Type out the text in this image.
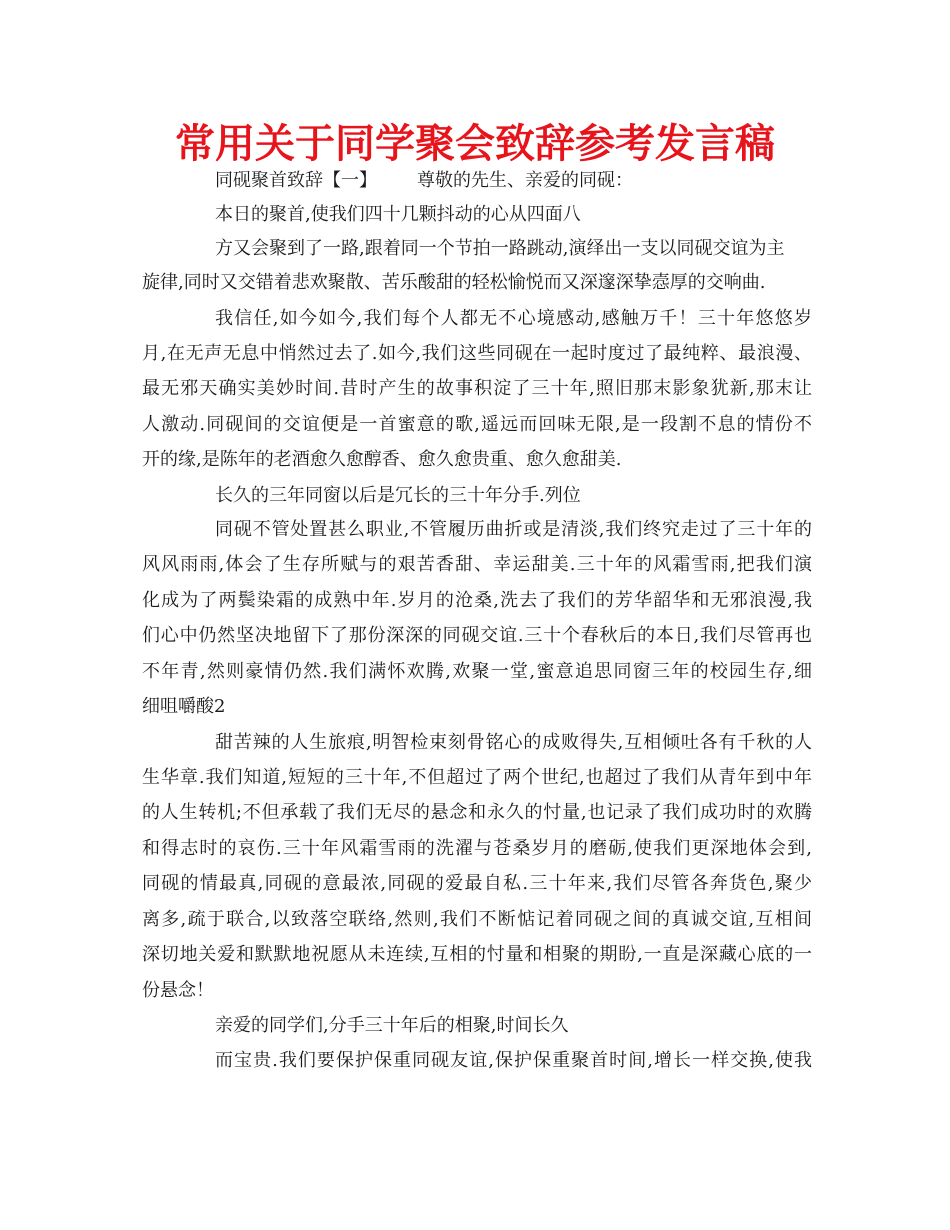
常用关于同学聚会致辞参考发言稿

同砚聚首致辞【一】 尊敬的先生、亲爱的同砚：

本日的聚首,使我们四十几颗抖动的心从四面八

方又会聚到了一路,跟着同一个节拍一路跳动,演绎出一支以同砚交谊为主

旋律,同时又交错着悲欢聚散、苦乐酸甜的轻松愉悦而又深邃深挚悫厚的交响曲.

我信任,如今如今,我们每个人都无不心境感动,感触万千！三十年悠悠岁

月,在无声无息中悄然过去了.如今,我们这些同砚在一起时度过了最纯粹、最浪漫、

最无邪天确实美妙时间.昔时产生的故事积淀了三十年,照旧那末影象犹新,那末让

人激动.同砚间的交谊便是一首蜜意的歌,遥远而回味无限,是一段割不息的情份不

开的缘,是陈年的老酒愈久愈醇香、愈久愈贵重、愈久愈甜美.

长久的三年同窗以后是冗长的三十年分手.列位

同砚不管处置甚么职业,不管履历曲折或是清淡,我们终究走过了三十年的

风风雨雨,体会了生存所赋与的艰苦香甜、幸运甜美.三十年的风霜雪雨,把我们演

化成为了两鬓染霜的成熟中年.岁月的沧桑,洗去了我们的芳华韶华和无邪浪漫,我

们心中仍然坚决地留下了那份深深的同砚交谊.三十个春秋后的本日,我们尽管再也

不年青,然则豪情仍然.我们满怀欢腾,欢聚一堂,蜜意追思同窗三年的校园生存,细

细咀嚼酸2

甜苦辣的人生旅痕,明智检束刻骨铭心的成败得失,互相倾吐各有千秋的人

生华章.我们知道,短短的三十年,不但超过了两个世纪,也超过了我们从青年到中年

的人生转机;不但承载了我们无尽的悬念和永久的忖量,也记录了我们成功时的欢腾

和得志时的哀伤.三十年风霜雪雨的洗濯与苍桑岁月的磨砺,使我们更深地体会到,

同砚的情最真,同砚的意最浓,同砚的爱最自私.三十年来,我们尽管各奔货色,聚少

离多,疏于联合,以致落空联络,然则,我们不断惦记着同砚之间的真诚交谊,互相间

深切地关爱和默默地祝愿从未连续,互相的忖量和相聚的期盼,一直是深藏心底的一

份悬念！

亲爱的同学们,分手三十年后的相聚,时间长久

而宝贵.我们要保护保重同砚友谊,保护保重聚首时间,增长一样交换,使我
